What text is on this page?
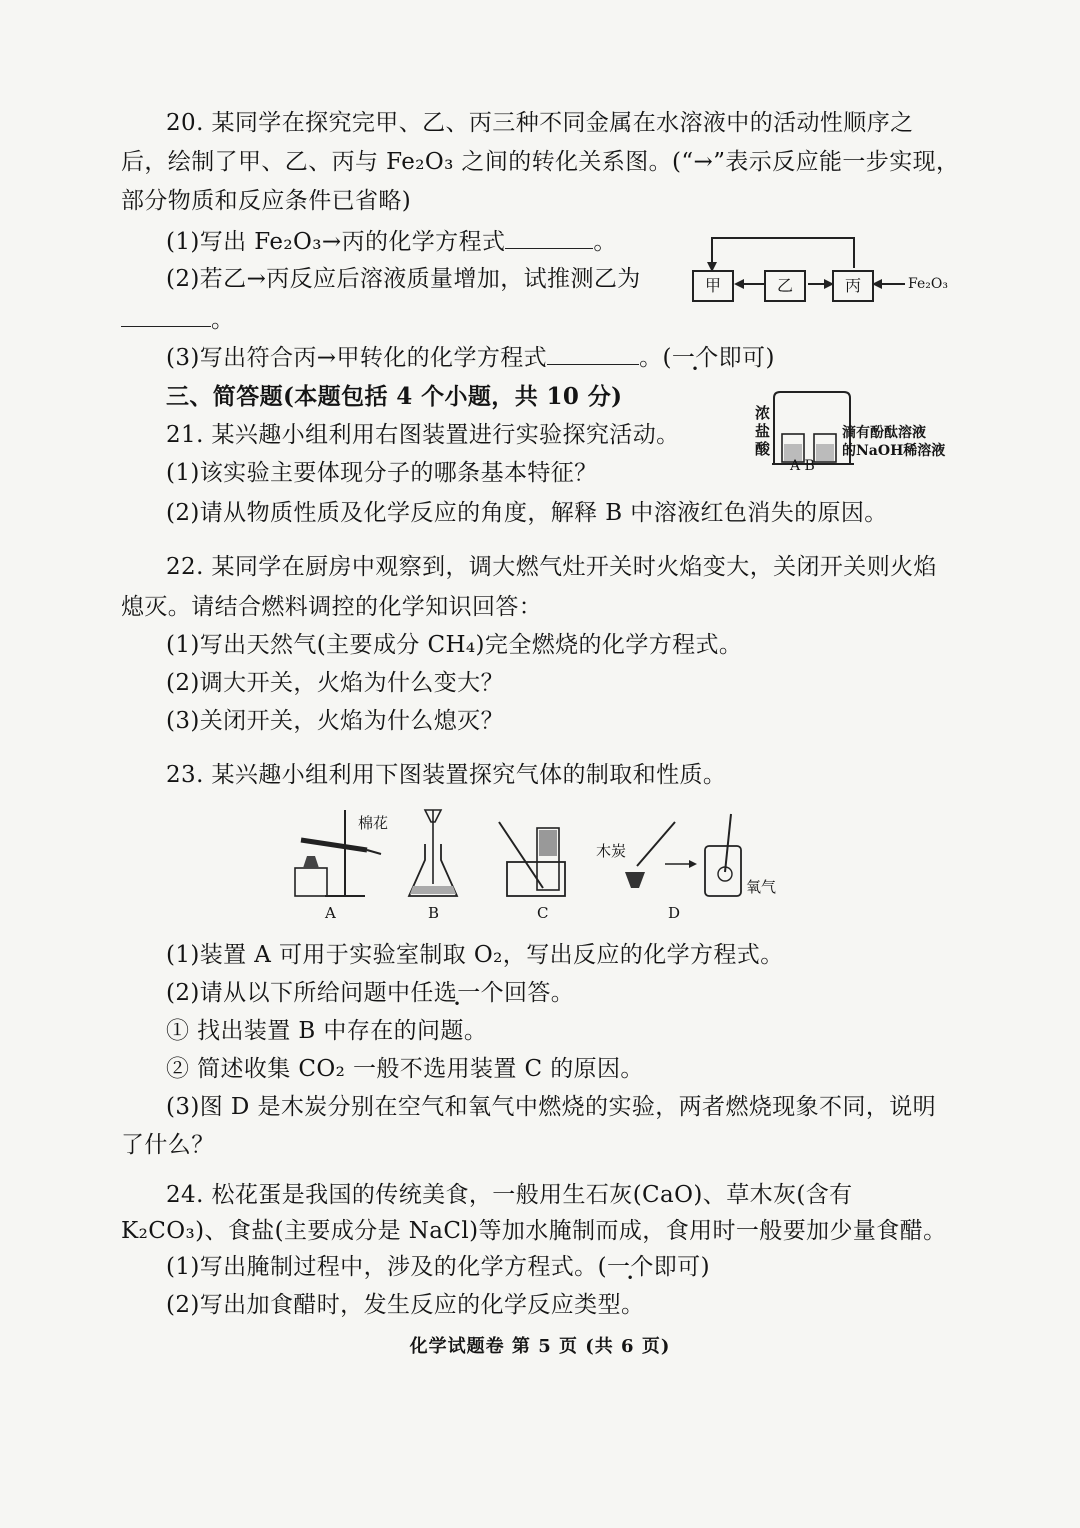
20. 某同学在探究完甲、乙、丙三种不同金属在水溶液中的活动性顺序之
后，绘制了甲、乙、丙与 Fe₂O₃ 之间的转化关系图。(“→”表示反应能一步实现，
部分物质和反应条件已省略)
(1)写出 Fe₂O₃→丙的化学方程式	。
(2)若乙→丙反应后溶液质量增加，试推测乙为
。
(3)写出符合丙→甲转化的化学方程式	。(一个即可)
甲	乙	丙	Fe₂O₃
三、简答题(本题包括 4 个小题，共 10 分)
21. 某兴趣小组利用右图装置进行实验探究活动。
(1)该实验主要体现分子的哪条基本特征？
(2)请从物质性质及化学反应的角度，解释 B 中溶液红色消失的原因。
浓
盐
酸
滴有酚酞溶液
的NaOH稀溶液
A B
22. 某同学在厨房中观察到，调大燃气灶开关时火焰变大，关闭开关则火焰
熄灭。请结合燃料调控的化学知识回答：
(1)写出天然气(主要成分 CH₄)完全燃烧的化学方程式。
(2)调大开关，火焰为什么变大？
(3)关闭开关，火焰为什么熄灭？
23. 某兴趣小组利用下图装置探究气体的制取和性质。
棉花
木炭
氧气
A	B	C	D
(1)装置 A 可用于实验室制取 O₂，写出反应的化学方程式。
(2)请从以下所给问题中任选一个回答。
① 找出装置 B 中存在的问题。
② 简述收集 CO₂ 一般不选用装置 C 的原因。
(3)图 D 是木炭分别在空气和氧气中燃烧的实验，两者燃烧现象不同，说明
了什么？
24. 松花蛋是我国的传统美食，一般用生石灰(CaO)、草木灰(含有
K₂CO₃)、食盐(主要成分是 NaCl)等加水腌制而成，食用时一般要加少量食醋。
(1)写出腌制过程中，涉及的化学方程式。(一个即可)
(2)写出加食醋时，发生反应的化学反应类型。
化学试题卷 第 5 页 (共 6 页)
